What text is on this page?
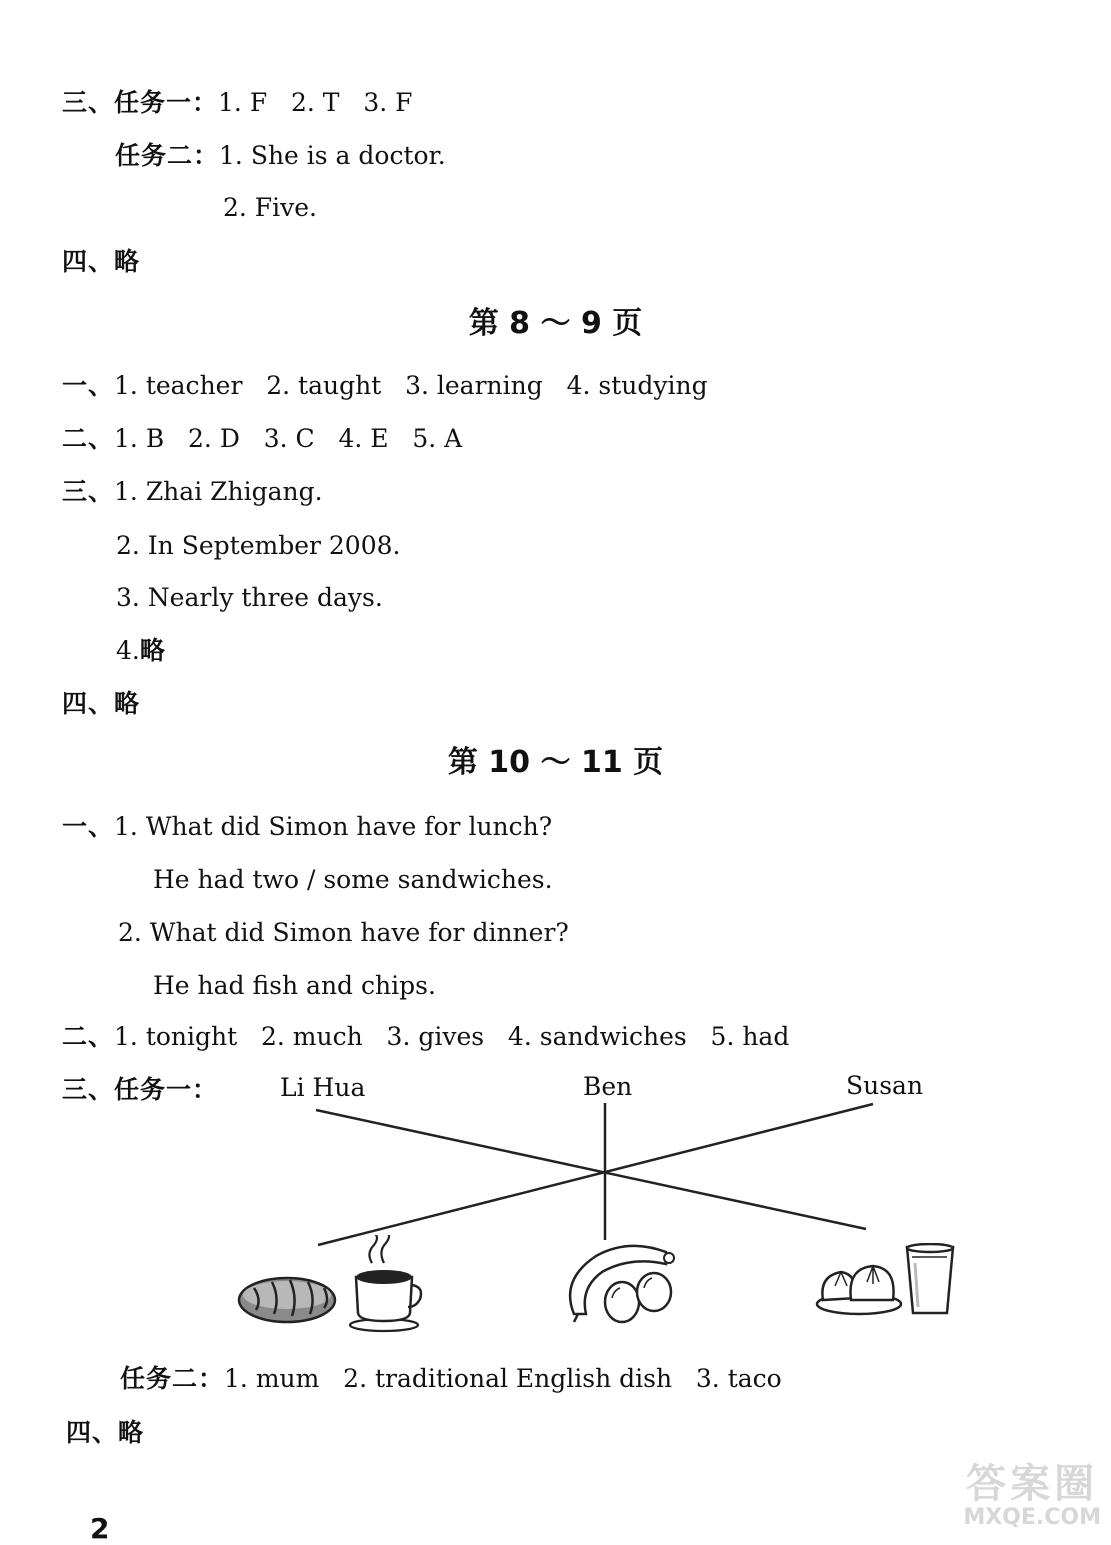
三、任务一：1. F   2. T   3. F
任务二：1. She is a doctor.
2. Five.
四、略
第 8 ～ 9 页
一、1. teacher   2. taught   3. learning   4. studying
二、1. B   2. D   3. C   4. E   5. A
三、1. Zhai Zhigang.
2. In September 2008.
3. Nearly three days.
4.略
四、略
第 10 ～ 11 页
一、1. What did Simon have for lunch?
He had two / some sandwiches.
2. What did Simon have for dinner?
He had fish and chips.
二、1. tonight   2. much   3. gives   4. sandwiches   5. had
三、任务一： Li Hua	Ben	Susan
任务二：1. mum   2. traditional English dish   3. taco
四、略
2
答案圈
MXQE.COM
